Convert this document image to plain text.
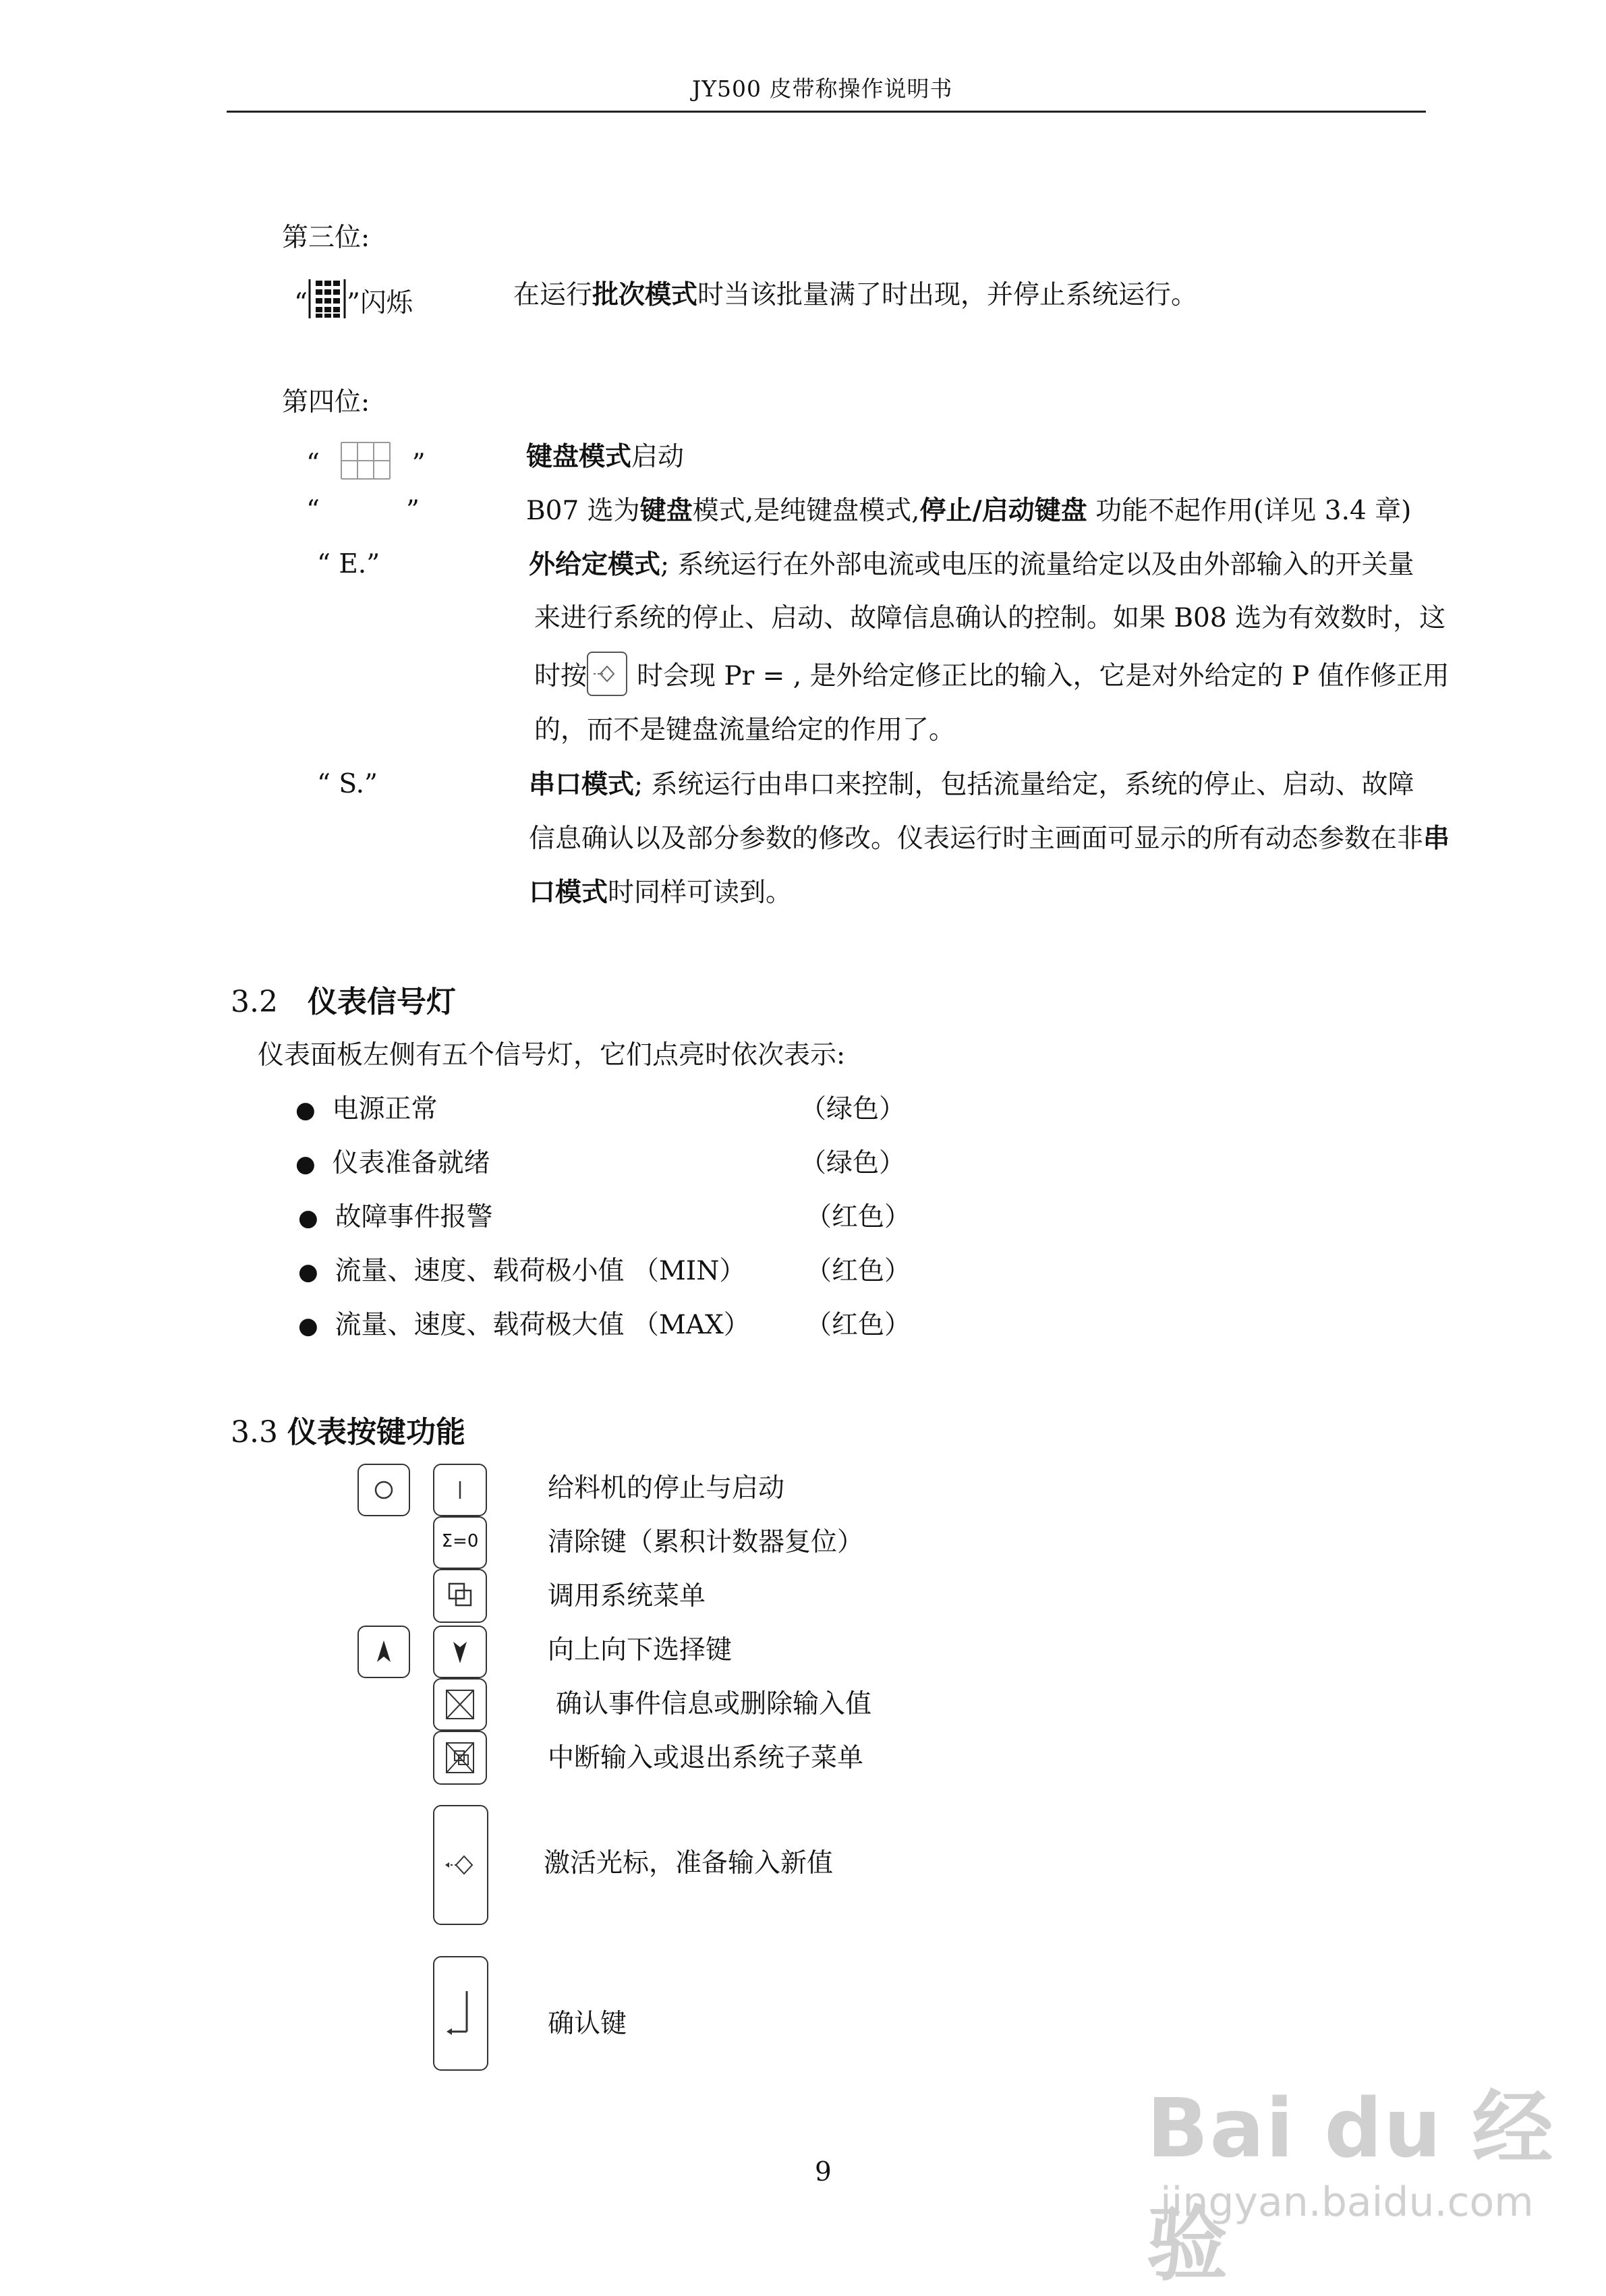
JY500 皮带称操作说明书
第三位:
“ ”闪烁	在运行批次模式时当该批量满了时出现，并停止系统运行。
第四位:
“	”	键盘模式启动
“	”	B07 选为键盘模式,是纯键盘模式,停止/启动键盘 功能不起作用(详见 3.4 章)
“ E.”	外给定模式; 系统运行在外部电流或电压的流量给定以及由外部输入的开关量
来进行系统的停止、启动、故障信息确认的控制。如果 B08 选为有效数时，这
时按 时会现 Pr = , 是外给定修正比的输入，它是对外给定的 P 值作修正用
的，而不是键盘流量给定的作用了。
“ S.”	串口模式; 系统运行由串口来控制，包括流量给定，系统的停止、启动、故障
信息确认以及部分参数的修改。仪表运行时主画面可显示的所有动态参数在非串
口模式时同样可读到。
3.2 仪表信号灯
仪表面板左侧有五个信号灯，它们点亮时依次表示:
● 电源正常	（绿色）
● 仪表准备就绪	（绿色）
● 故障事件报警	（红色）
● 流量、速度、载荷极小值 （MIN） （红色）
● 流量、速度、载荷极大值 （MAX） （红色）
3.3 仪表按键功能
给料机的停止与启动
Σ=0	清除键（累积计数器复位）
调用系统菜单
向上向下选择键
确认事件信息或删除输入值
中断输入或退出系统子菜单
激活光标，准备输入新值
确认键
9	Bai du 经验
jingyan.baidu.com
